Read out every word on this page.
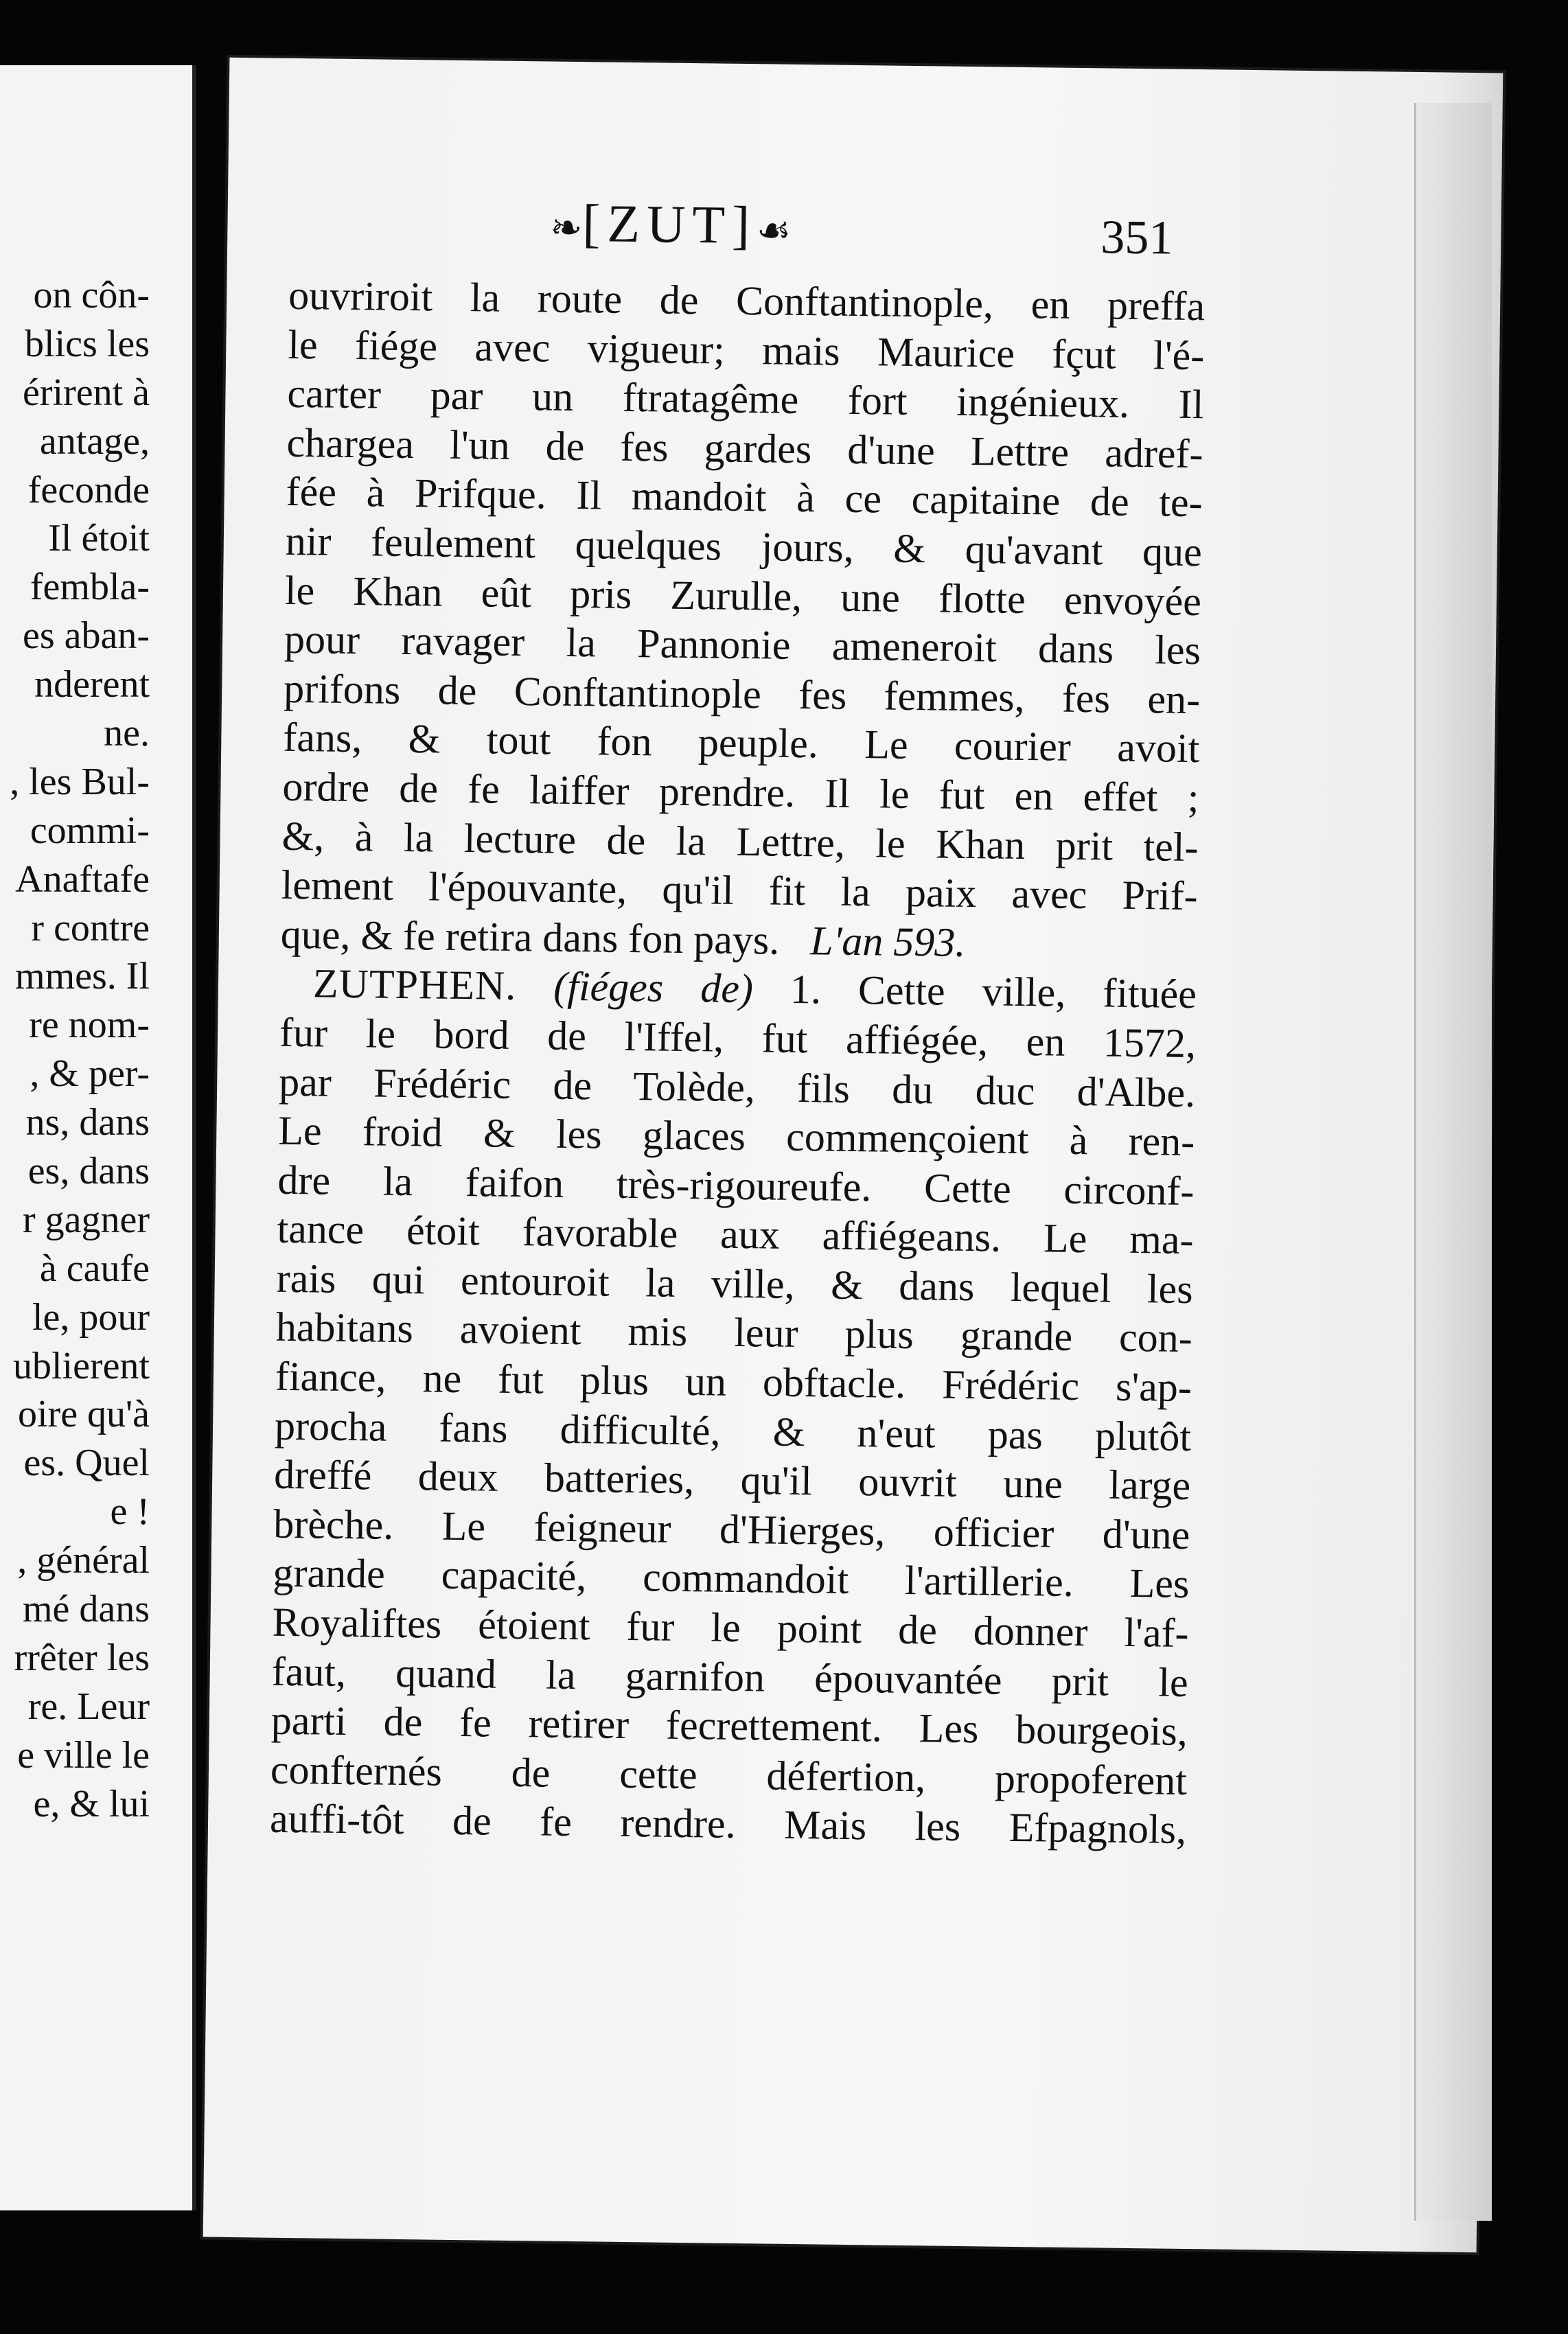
on côn-
blics les
érirent à
antage,
feconde
Il étoit
fembla-
es aban-
nderent
ne.
, les Bul-
commi-
Anaftafe
r contre
mmes. Il
re nom-
, & per-
ns, dans
es, dans
r gagner
à caufe
le, pour
ublierent
oire qu'à
es. Quel
e !
, général
mé dans
rrêter les
re. Leur
e ville le
e, & lui
❧[ZUT]☙	351
ouvriroit la route de Conftantinople, en preffa
le fiége avec vigueur; mais Maurice fçut l'é-
carter par un ftratagême fort ingénieux. Il
chargea l'un de fes gardes d'une Lettre adref-
fée à Prifque. Il mandoit à ce capitaine de te-
nir feulement quelques jours, & qu'avant que
le Khan eût pris Zurulle, une flotte envoyée
pour ravager la Pannonie ameneroit dans les
prifons de Conftantinople fes femmes, fes en-
fans, & tout fon peuple. Le courier avoit
ordre de fe laiffer prendre. Il le fut en effet ;
&, à la lecture de la Lettre, le Khan prit tel-
lement l'épouvante, qu'il fit la paix avec Prif-
que, & fe retira dans fon pays. L'an 593.
ZUTPHEN. (fiéges de) 1. Cette ville, fituée
fur le bord de l'Iffel, fut affiégée, en 1572,
par Frédéric de Tolède, fils du duc d'Albe.
Le froid & les glaces commençoient à ren-
dre la faifon très-rigoureufe. Cette circonf-
tance étoit favorable aux affiégeans. Le ma-
rais qui entouroit la ville, & dans lequel les
habitans avoient mis leur plus grande con-
fiance, ne fut plus un obftacle. Frédéric s'ap-
procha fans difficulté, & n'eut pas plutôt
dreffé deux batteries, qu'il ouvrit une large
brèche. Le feigneur d'Hierges, officier d'une
grande capacité, commandoit l'artillerie. Les
Royaliftes étoient fur le point de donner l'af-
faut, quand la garnifon épouvantée prit le
parti de fe retirer fecrettement. Les bourgeois,
confternés de cette défertion, propoferent
auffi-tôt de fe rendre. Mais les Efpagnols,
